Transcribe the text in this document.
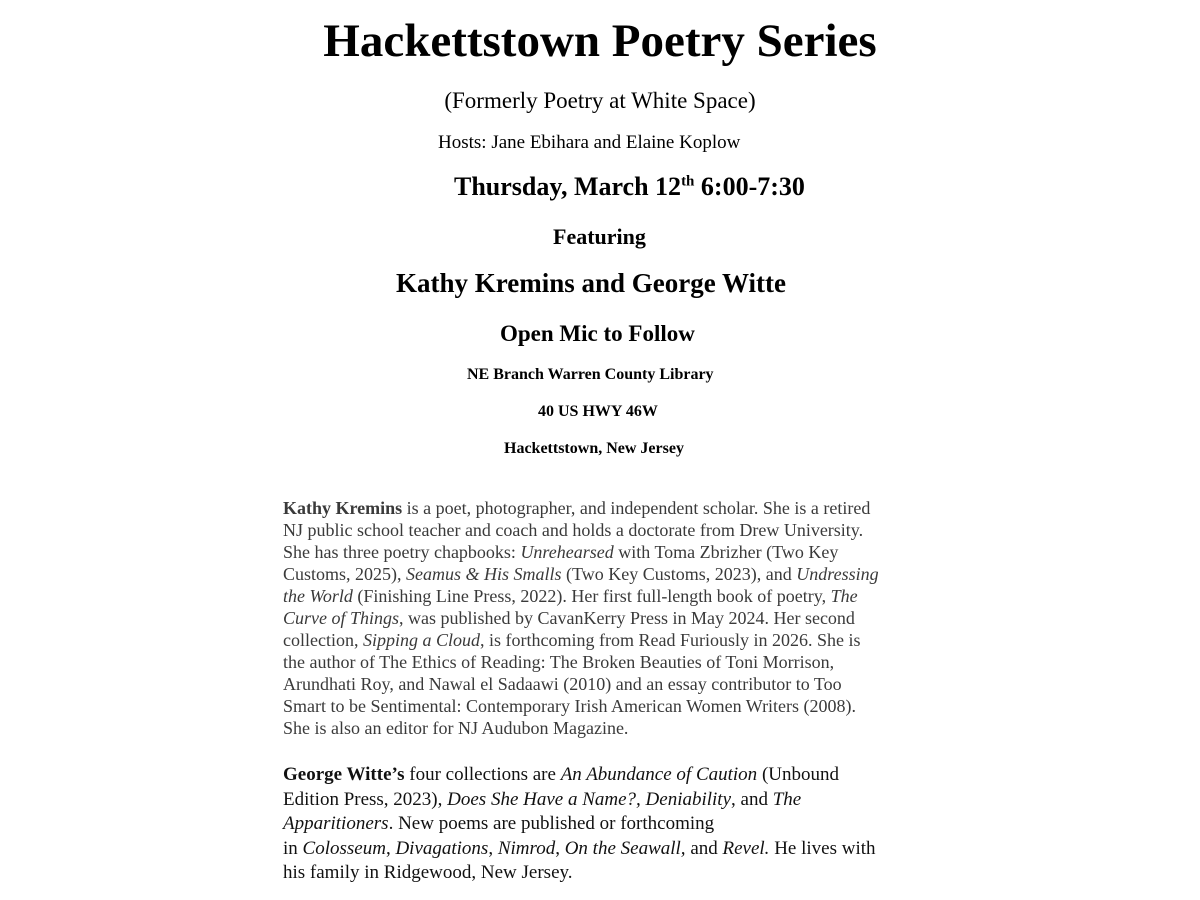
Hackettstown Poetry Series
(Formerly Poetry at White Space)
Hosts: Jane Ebihara and Elaine Koplow
Thursday, March 12th 6:00-7:30
Featuring
Kathy Kremins and George Witte
Open Mic to Follow
NE Branch Warren County Library
40 US HWY 46W
Hackettstown, New Jersey
Kathy Kremins is a poet, photographer, and independent scholar. She is a retired
NJ public school teacher and coach and holds a doctorate from Drew University.
She has three poetry chapbooks: Unrehearsed with Toma Zbrizher (Two Key
Customs, 2025), Seamus & His Smalls (Two Key Customs, 2023), and Undressing
the World (Finishing Line Press, 2022). Her first full-length book of poetry, The
Curve of Things, was published by CavanKerry Press in May 2024. Her second
collection, Sipping a Cloud, is forthcoming from Read Furiously in 2026. She is
the author of The Ethics of Reading: The Broken Beauties of Toni Morrison,
Arundhati Roy, and Nawal el Sadaawi (2010) and an essay contributor to Too
Smart to be Sentimental: Contemporary Irish American Women Writers (2008).
She is also an editor for NJ Audubon Magazine.
George Witte’s four collections are An Abundance of Caution (Unbound
Edition Press, 2023), Does She Have a Name?, Deniability, and The
Apparitioners. New poems are published or forthcoming
in Colosseum, Divagations, Nimrod, On the Seawall, and Revel. He lives with
his family in Ridgewood, New Jersey.
